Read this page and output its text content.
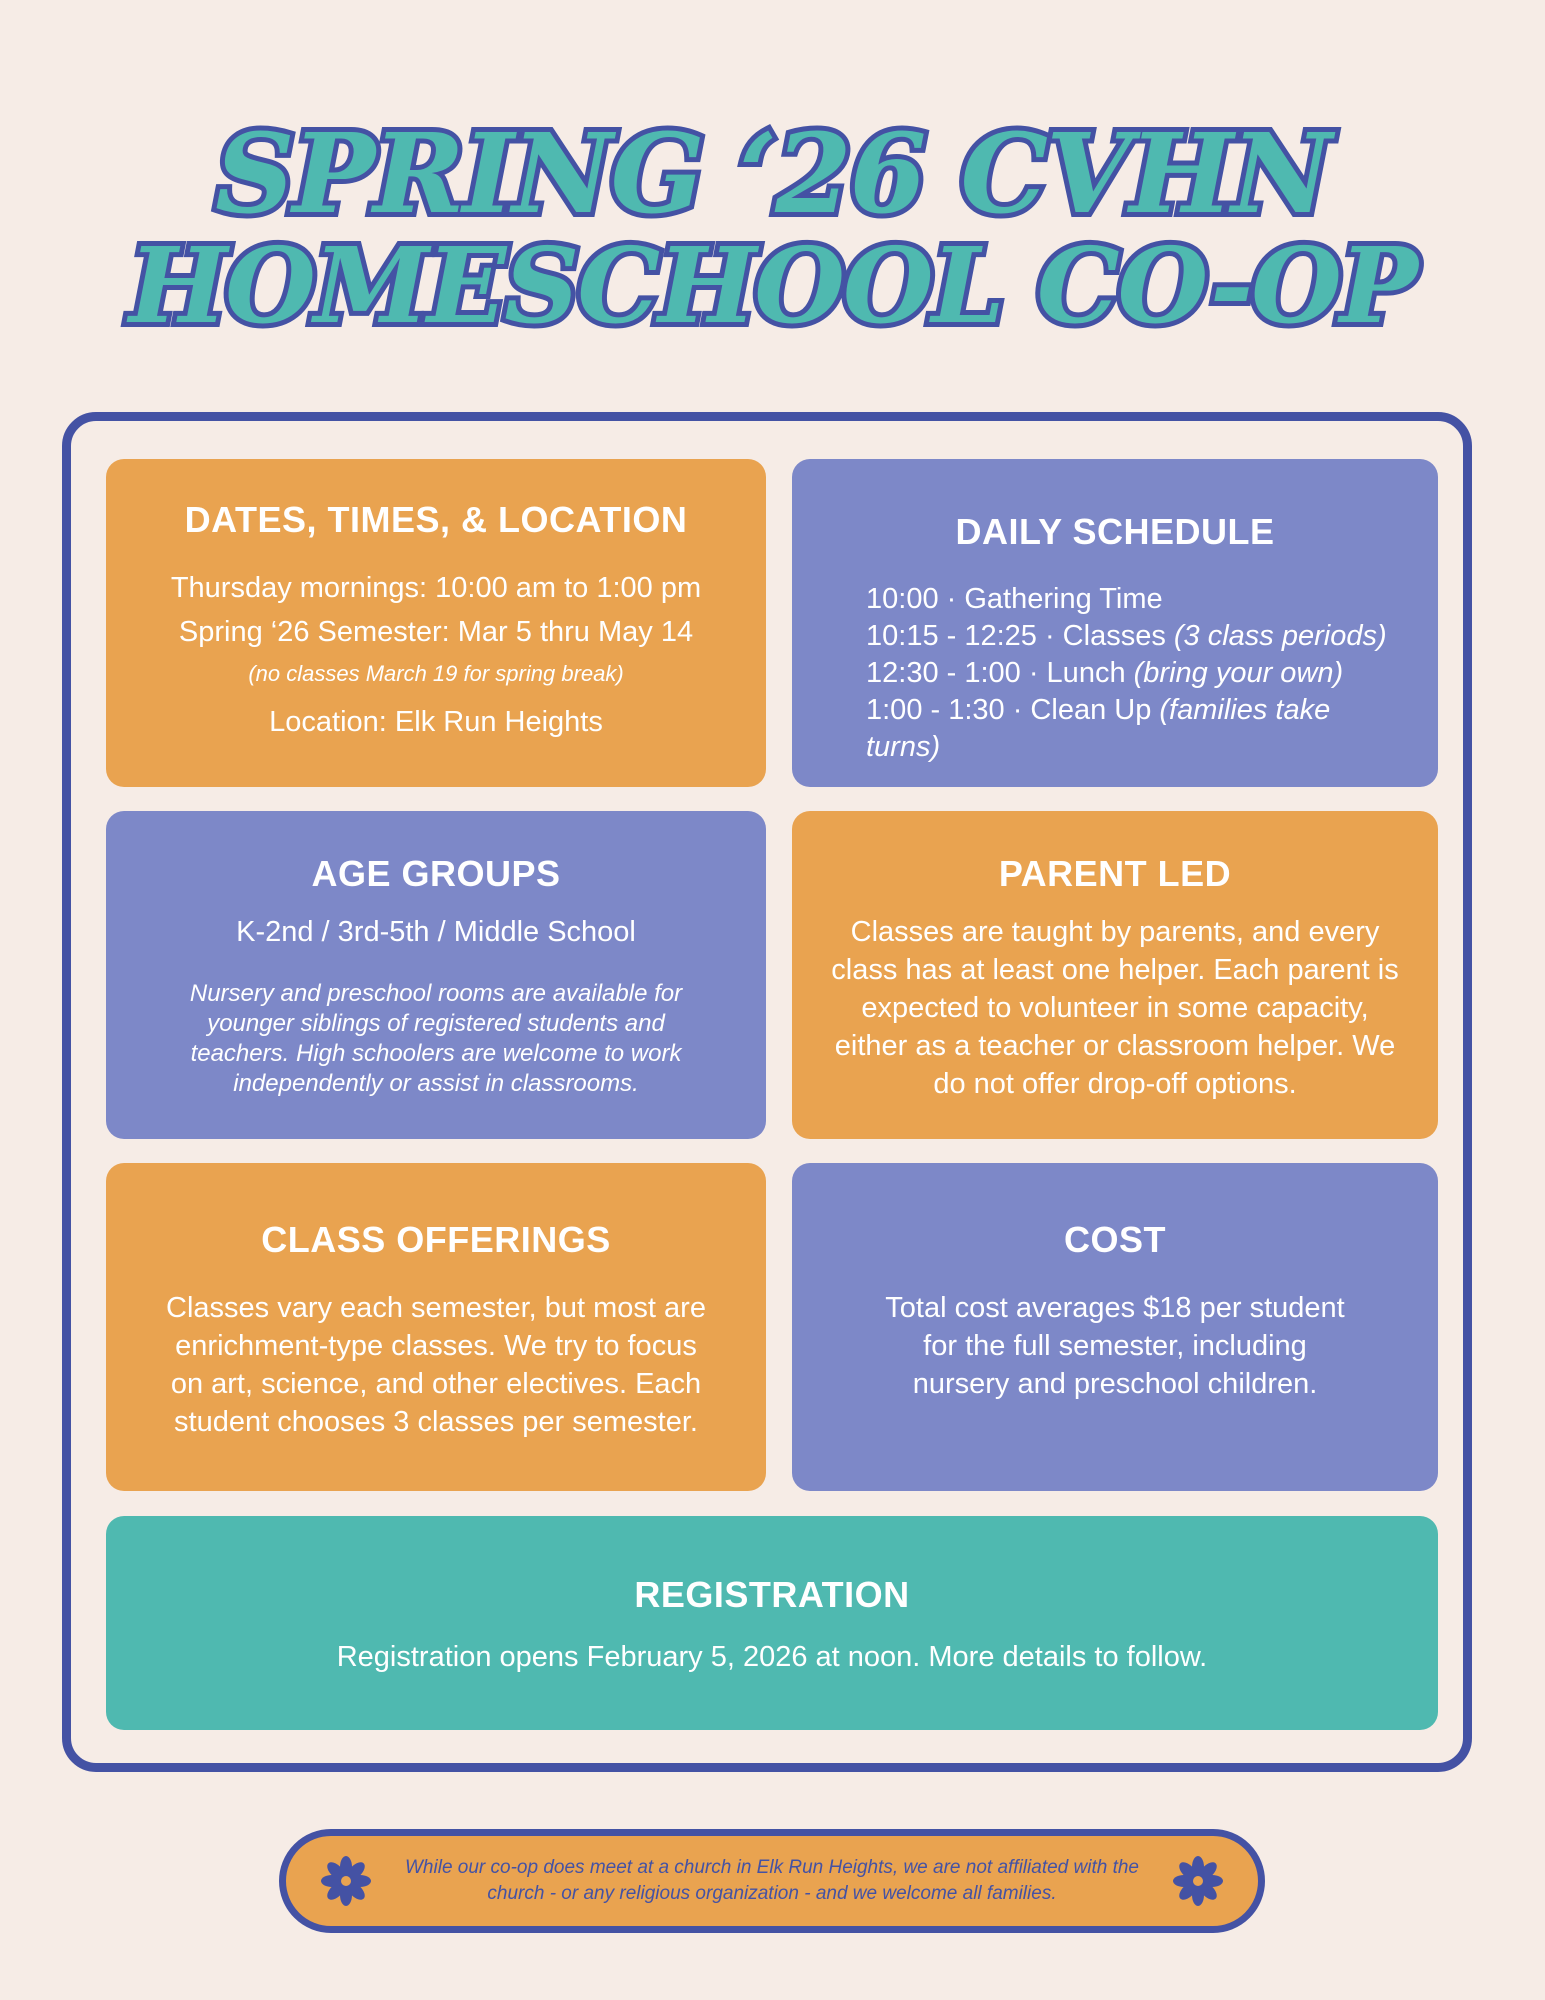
SPRING ‘26 CVHN
HOMESCHOOL CO-OP
DATES, TIMES, & LOCATION

Thursday mornings: 10:00 am to 1:00 pm

Spring ‘26 Semester: Mar 5 thru May 14

(no classes March 19 for spring break)

Location: Elk Run Heights

DAILY SCHEDULE
10:00 · Gathering Time
10:15 - 12:25 · Classes (3 class periods)
12:30 - 1:00 · Lunch (bring your own)
1:00 - 1:30 · Clean Up (families take turns)
AGE GROUPS

K-2nd / 3rd-5th / Middle School

Nursery and preschool rooms are available for younger siblings of registered students and teachers. High schoolers are welcome to work independently or assist in classrooms.

PARENT LED

Classes are taught by parents, and every class has at least one helper. Each parent is expected to volunteer in some capacity, either as a teacher or classroom helper. We do not offer drop-off options.

CLASS OFFERINGS

Classes vary each semester, but most are enrichment-type classes. We try to focus on art, science, and other electives. Each student chooses 3 classes per semester.

COST

Total cost averages $18 per student for the full semester, including nursery and preschool children.

REGISTRATION

Registration opens February 5, 2026 at noon. More details to follow.

While our co-op does meet at a church in Elk Run Heights, we are not affiliated with the church - or any religious organization - and we welcome all families.
